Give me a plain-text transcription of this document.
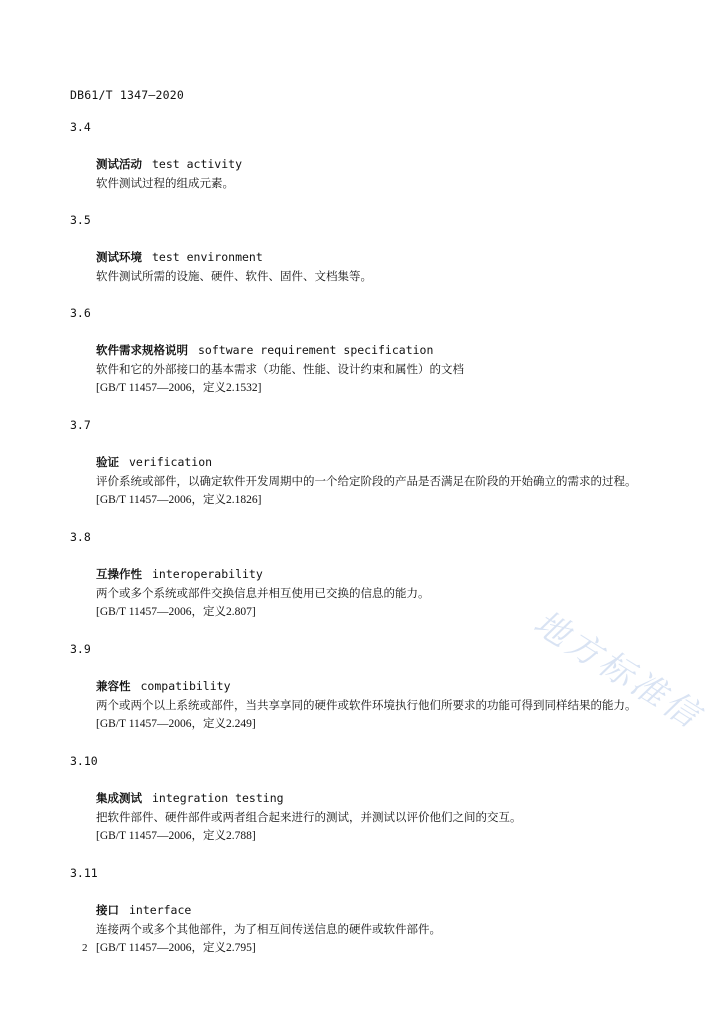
DB61/T 1347—2020
3.4
测试活动 test activity
软件测试过程的组成元素。
3.5
测试环境 test environment
软件测试所需的设施、硬件、软件、固件、文档集等。
3.6
软件需求规格说明 software requirement specification
软件和它的外部接口的基本需求（功能、性能、设计约束和属性）的文档
[GB/T 11457—2006，定义2.1532]
3.7
验证 verification
评价系统或部件，以确定软件开发周期中的一个给定阶段的产品是否满足在阶段的开始确立的需求的过程。
[GB/T 11457—2006，定义2.1826]
3.8
互操作性 interoperability
两个或多个系统或部件交换信息并相互使用已交换的信息的能力。
[GB/T 11457—2006，定义2.807]
3.9
兼容性 compatibility
两个或两个以上系统或部件，当共享享同的硬件或软件环境执行他们所要求的功能可得到同样结果的能力。
[GB/T 11457—2006，定义2.249]
3.10
集成测试 integration testing
把软件部件、硬件部件或两者组合起来进行的测试，并测试以评价他们之间的交互。
[GB/T 11457—2006，定义2.788]
3.11
接口 interface
连接两个或多个其他部件，为了相互间传送信息的硬件或软件部件。
[GB/T 11457—2006，定义2.795]
地方标准信
2
